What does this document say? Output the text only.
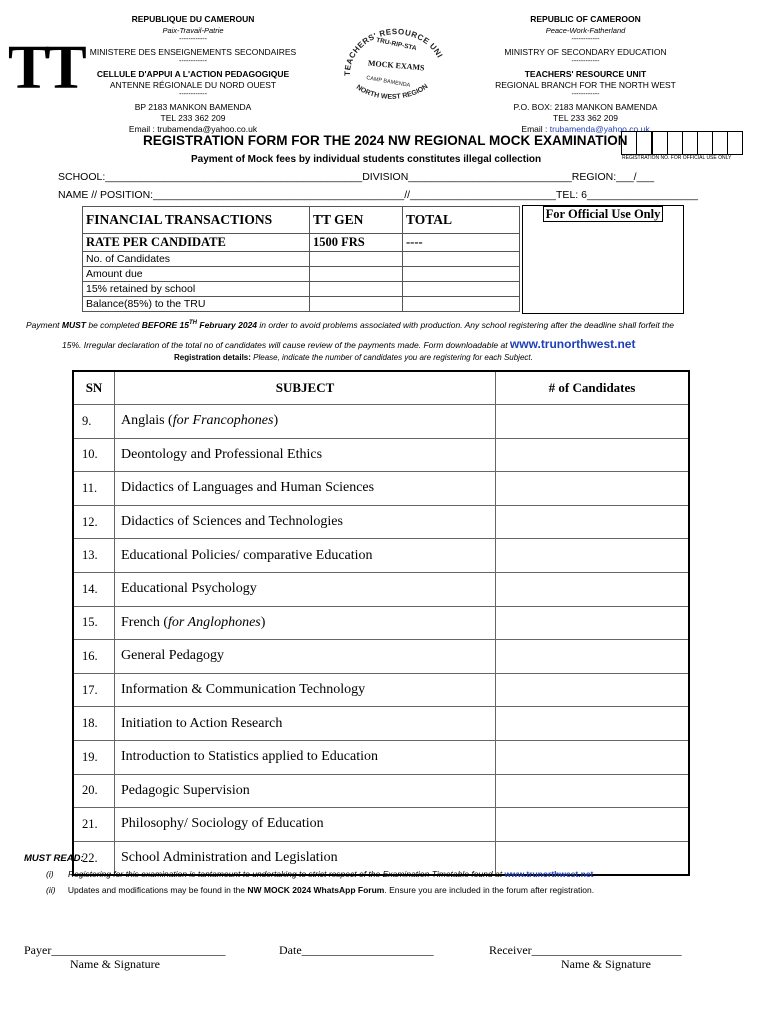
REPUBLIQUE DU CAMEROUN
Paix-Travail-Patrie
------------
MINISTERE DES ENSEIGNEMENTS SECONDAIRES
------------
CELLULE D'APPUI A L'ACTION PEDAGOGIQUE
ANTENNE RÉGIONALE DU NORD OUEST
------------
BP 2183 MANKON BAMENDA
TEL 233 362 209
Email : trubamenda@yahoo.co.uk
TT	TEACHERS' RESOURCE UNI
TRU-RIP-STA
MOCK EXAMS
CAMP BAMENDA
NORTH WEST REGION
REPUBLIC OF CAMEROON
Peace-Work-Fatherland
------------
MINISTRY OF SECONDARY EDUCATION
------------
TEACHERS' RESOURCE UNIT
REGIONAL BRANCH FOR THE NORTH WEST
------------
P.O. BOX: 2183 MANKON BAMENDA
TEL 233 362 209
Email : trubamenda@yahoo.co.uk
REGISTRATION FORM FOR THE 2024 NW REGIONAL MOCK EXAMINATION
REGISTRATION NO. FOR OFFICIAL USE ONLY
Payment of Mock fees by individual students constitutes illegal collection
SCHOOL:____________________________________________DIVISION____________________________REGION:___/___
NAME // POSITION:___________________________________________//_________________________TEL: 6___________________
FINANCIAL TRANSACTIONS	TT GEN	TOTAL
RATE PER CANDIDATE	1500 FRS	----
No. of Candidates		
Amount due		
15% retained by school		
Balance(85%) to the TRU		
For Official Use Only
Payment MUST be completed BEFORE 15TH February 2024 in order to avoid problems associated with production. Any school registering after the deadline shall forfeit the
15%. Irregular declaration of the total no of candidates will cause review of the payments made. Form downloadable at www.trunorthwest.net
Registration details: Please, indicate the number of candidates you are registering for each Subject.
SN	SUBJECT	# of Candidates
9.	Anglais (for Francophones)	
10.	Deontology and Professional Ethics	
11.	Didactics of Languages and Human Sciences	
12.	Didactics of Sciences and Technologies	
13.	Educational Policies/ comparative Education	
14.	Educational Psychology	
15.	French (for Anglophones)	
16.	General Pedagogy	
17.	Information & Communication Technology	
18.	Initiation to Action Research	
19.	Introduction to Statistics applied to Education	
20.	Pedagogic Supervision	
21.	Philosophy/ Sociology of Education	
22.	School Administration and Legislation	
MUST READ:
(i) Registering for this examination is tantamount to undertaking to strict respect of the Examination Timetable found at www.trunorthwest.net
(ii) Updates and modifications may be found in the NW MOCK 2024 WhatsApp Forum. Ensure you are included in the forum after registration.
Payer_____________________________
Name & Signature
Date______________________	Receiver_________________________
Name & Signature
